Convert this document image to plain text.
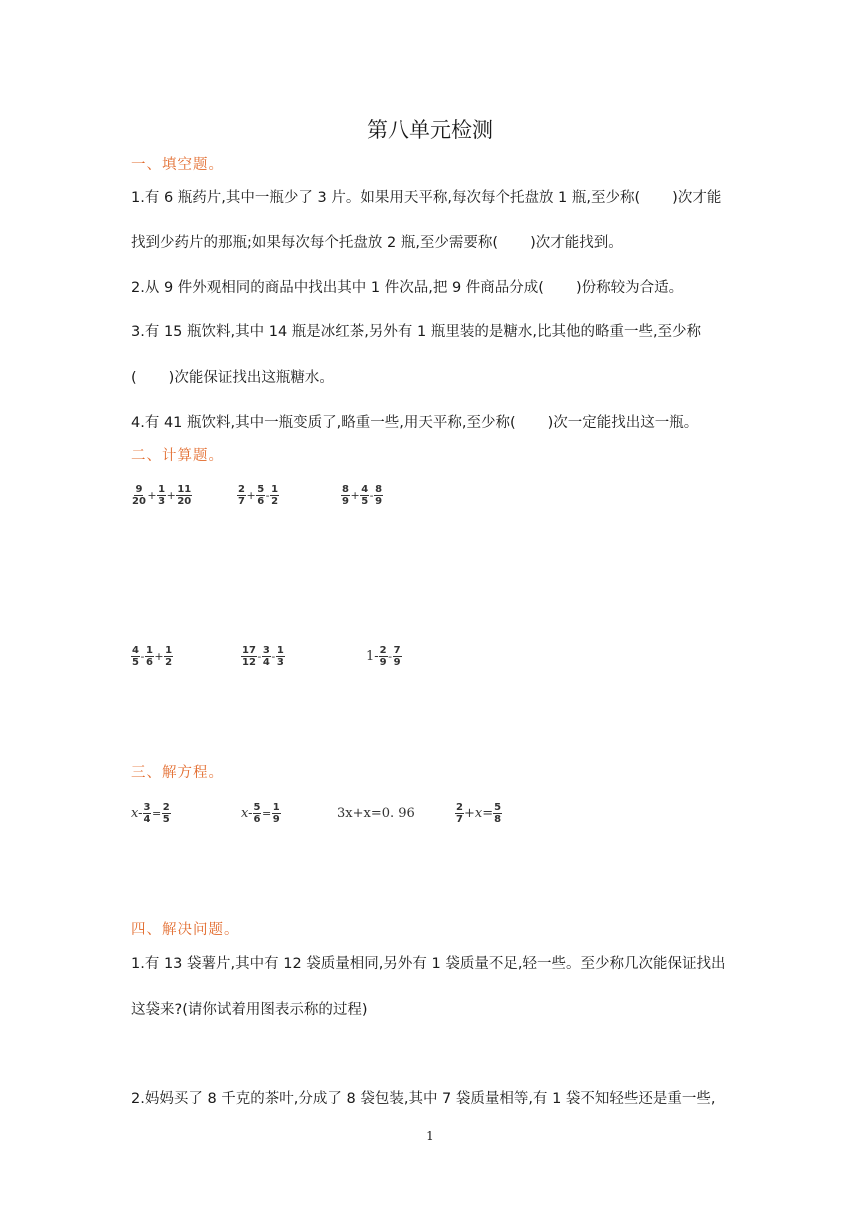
第八单元检测
一、填空题。
1.有 6 瓶药片,其中一瓶少了 3 片。如果用天平称,每次每个托盘放 1 瓶,至少称( )次才能
找到少药片的那瓶;如果每次每个托盘放 2 瓶,至少需要称( )次才能找到。
2.从 9 件外观相同的商品中找出其中 1 件次品,把 9 件商品分成( )份称较为合适。
3.有 15 瓶饮料,其中 14 瓶是冰红茶,另外有 1 瓶里装的是糖水,比其他的略重一些,至少称
( )次能保证找出这瓶糖水。
4.有 41 瓶饮料,其中一瓶变质了,略重一些,用天平称,至少称( )次一定能找出这一瓶。
二、计算题。
$\frac{9}{20} + \frac{1}{3} + \frac{11}{20}$	$\frac{2}{7} + \frac{5}{6} - \frac{1}{2}$	$\frac{8}{9} + \frac{4}{5} - \frac{8}{9}$
$\frac{4}{5} - \frac{1}{6} + \frac{1}{2}$	$\frac{17}{12} - \frac{3}{4} - \frac{1}{3}$	$1- \frac{2}{9} - \frac{7}{9}$
三、解方程。
$x- \frac{3}{4} = \frac{2}{5}$	$x- \frac{5}{6} = \frac{1}{9}$	3x+x=0. 96	$\frac{2}{7} +x= \frac{5}{8}$
四、解决问题。
1.有 13 袋薯片,其中有 12 袋质量相同,另外有 1 袋质量不足,轻一些。至少称几次能保证找出
这袋来?(请你试着用图表示称的过程)
2.妈妈买了 8 千克的茶叶,分成了 8 袋包装,其中 7 袋质量相等,有 1 袋不知轻些还是重一些,
1
